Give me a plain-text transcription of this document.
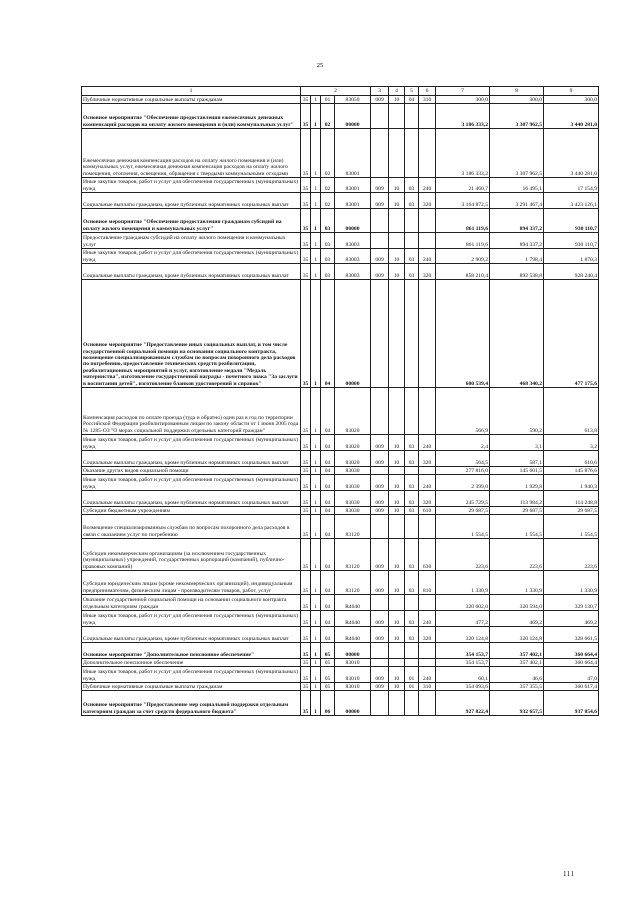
25
1	2				3	4	5	6	7	8	9
Публичные нормативные социальные выплаты гражданам	35	1	01	83050	009	10	04	310	300,0	300,0	300,0
Основное мероприятие "Обеспечение предоставления ежемесячных денежных компенсаций расходов на оплату жилого помещения и (или) коммунальных услуг"	35	1	02	00000					3 186 333,2	3 307 962,5	3 440 281,0
Ежемесячная денежная компенсация расходов на оплату жилого помещения и (или) коммунальных услуг, ежемесячная денежная компенсация расходов на оплату жилого помещения, отопления, освещения, обращения с твердыми коммунальными отходами	35	1	02	83001					3 186 333,2	3 307 962,5	3 440 281,0
Иные закупки товаров, работ и услуг для обеспечения государственных (муниципальных) нужд	35	1	02	83001	009	10	03	240	21 460,7	16 495,1	17 154,9
Социальные выплаты гражданам, кроме публичных нормативных социальных выплат	35	1	02	83001	009	10	03	320	3 164 872,5	3 291 467,4	3 423 126,1
Основное мероприятие "Обеспечение предоставления гражданам субсидий на оплату жилого помещения и коммунальных услуг"	35	1	03	00000					861 119,6	894 337,2	930 110,7
Предоставление гражданам субсидий на оплату жилого помещения и коммунальных услуг	35	1	03	83003					861 119,6	894 337,2	930 110,7
Иные закупки товаров, работ и услуг для обеспечения государственных (муниципальных) нужд	35	1	03	83003	009	10	03	240	2 909,2	1 798,4	1 870,3
Социальные выплаты гражданам, кроме публичных нормативных социальных выплат	35	1	03	83003	009	10	03	320	858 210,4	892 538,8	928 240,4
Основное мероприятие "Предоставление иных социальных выплат, в том числе государственной социальной помощи на основании социального контракта, возмещение специализированным службам по вопросам похоронного дела расходов по погребению, предоставление технических средств реабилитации, реабилитационных мероприятий и услуг, изготовление медали "Медаль материнства", изготовление государственной награды - почетного знака "За заслуги в воспитании детей", изготовление бланков удостоверений и справок"	35	1	04	00000					600 539,4	468 340,2	477 175,6
Компенсация расходов по оплате проезда (туда и обратно) один раз в год по территории Российской Федерации реабилитированным лицам по закону области от 1 июня 2005 года № 1285-ОЗ "О мерах социальной поддержки отдельных категорий граждан"	35	1	04	83020					566,9	590,2	613,8
Иные закупки товаров, работ и услуг для обеспечения государственных (муниципальных) нужд	35	1	04	83020	009	10	03	240	2,4	3,1	3,2
Социальные выплаты гражданам, кроме публичных нормативных социальных выплат	35	1	04	83020	009	10	03	320	564,5	587,1	610,6
Оказание других видов социальной помощи	35	1	04	83030					277 816,0	145 601,5	145 876,6
Иные закупки товаров, работ и услуг для обеспечения государственных (муниципальных) нужд	35	1	04	83030	009	10	03	240	2 399,0	1 929,8	1 940,3
Социальные выплаты гражданам, кроме публичных нормативных социальных выплат	35	1	04	83030	009	10	03	320	245 729,5	113 984,2	114 248,8
Субсидии бюджетным учреждениям	35	1	04	83030	009	10	03	610	29 687,5	29 687,5	29 687,5
Возмещение специализированным службам по вопросам похоронного дела расходов в связи с оказанием услуг по погребению	35	1	04	83120					1 554,5	1 554,5	1 554,5
Субсидии некоммерческим организациям (за исключением государственных (муниципальных) учреждений, государственных корпораций (компаний), публично-правовых компаний)	35	1	04	83120	009	10	03	630	223,6	223,6	223,6
Субсидии юридическим лицам (кроме некоммерческих организаций), индивидуальным предпринимателям, физическим лицам - производителям товаров, работ, услуг	35	1	04	83120	009	10	03	810	1 330,9	1 330,9	1 330,9
Оказание государственной социальной помощи на основании социального контракта отдельным категориям граждан	35	1	04	R4040					320 602,0	320 594,0	329 130,7
Иные закупки товаров, работ и услуг для обеспечения государственных (муниципальных) нужд	35	1	04	R4040	009	10	03	240	477,2	469,2	469,2
Социальные выплаты гражданам, кроме публичных нормативных социальных выплат	35	1	04	R4040	009	10	03	320	320 124,8	320 124,8	328 661,5
Основное мероприятие "Дополнительное пенсионное обеспечение"	35	1	05	00000					354 153,7	357 402,1	360 664,4
Дополнительное пенсионное обеспечение	35	1	05	83010					354 153,7	357 402,1	360 664,4
Иные закупки товаров, работ и услуг для обеспечения государственных (муниципальных) нужд	35	1	05	83010	009	10	01	240	60,1	46,6	47,0
Публичные нормативные социальные выплаты гражданам	35	1	05	83010	009	10	01	310	354 093,6	357 355,5	360 617,4
Основное мероприятие "Предоставление мер социальной поддержки отдельным категориям граждан за счет средств федерального бюджета"	35	1	06	00000					927 822,4	932 657,5	937 854,6
111
